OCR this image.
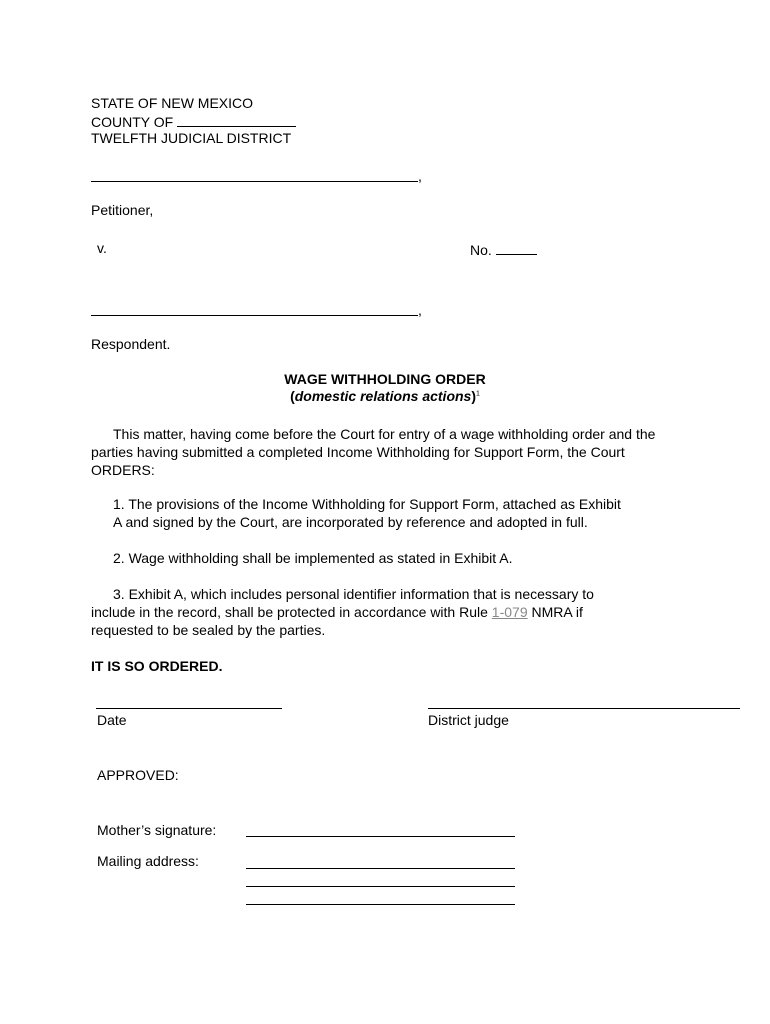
STATE OF NEW MEXICO
COUNTY OF
TWELFTH JUDICIAL DISTRICT
,
Petitioner,
v.	No.
,
Respondent.
WAGE WITHHOLDING ORDER
(domestic relations actions)$^1$
This matter, having come before the Court for entry of a wage withholding order and the parties having submitted a completed Income Withholding for Support Form, the Court ORDERS:
1. The provisions of the Income Withholding for Support Form, attached as Exhibit
A and signed by the Court, are incorporated by reference and adopted in full.
2. Wage withholding shall be implemented as stated in Exhibit A.
3. Exhibit A, which includes personal identifier information that is necessary to
include in the record, shall be protected in accordance with Rule 1-079 NMRA if
requested to be sealed by the parties.
IT IS SO ORDERED.
Date	District judge
APPROVED:
Mother’s signature:
Mailing address:
